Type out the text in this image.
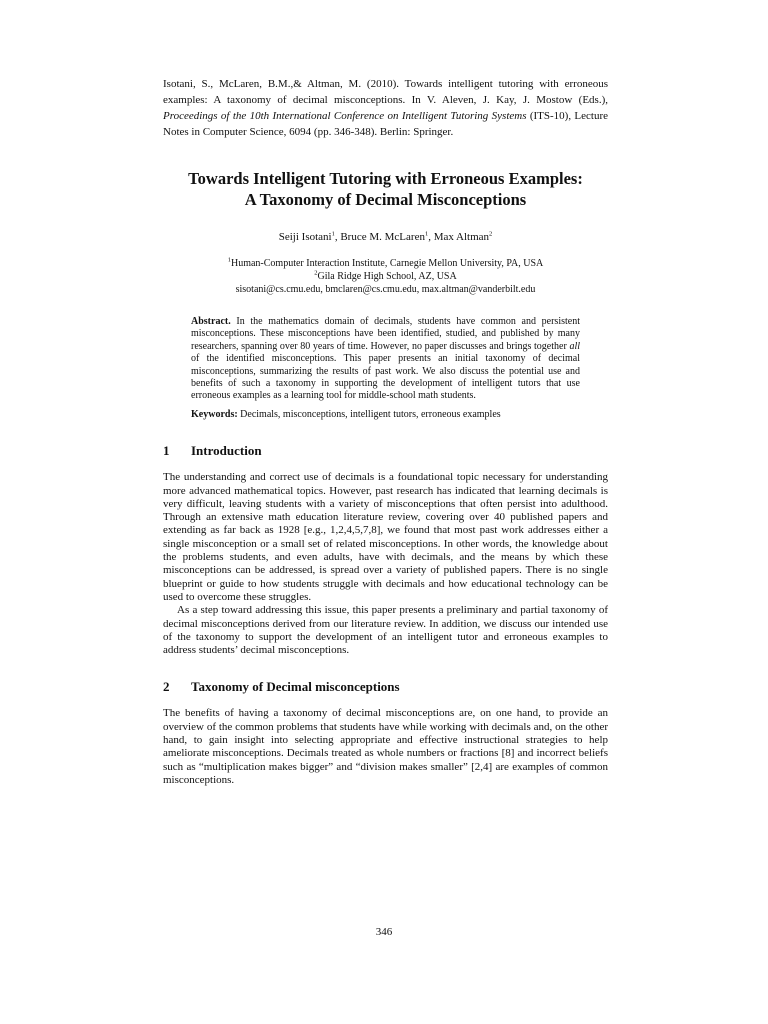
Isotani, S., McLaren, B.M.,& Altman, M. (2010). Towards intelligent tutoring with erroneous examples: A taxonomy of decimal misconceptions. In V. Aleven, J. Kay, J. Mostow (Eds.), Proceedings of the 10th International Conference on Intelligent Tutoring Systems (ITS-10), Lecture Notes in Computer Science, 6094 (pp. 346-348). Berlin: Springer.

Towards Intelligent Tutoring with Erroneous Examples:
A Taxonomy of Decimal Misconceptions
Seiji Isotani$^1$, Bruce M. McLaren$^1$, Max Altman$^2$
$^1$Human-Computer Interaction Institute, Carnegie Mellon University, PA, USA
$^2$Gila Ridge High School, AZ, USA
sisotani@cs.cmu.edu, bmclaren@cs.cmu.edu, max.altman@vanderbilt.edu

Abstract. In the mathematics domain of decimals, students have common and persistent misconceptions. These misconceptions have been identified, studied, and published by many researchers, spanning over 80 years of time. However, no paper discusses and brings together all of the identified misconceptions. This paper presents an initial taxonomy of decimal misconceptions, summarizing the results of past work. We also discuss the potential use and benefits of such a taxonomy in supporting the development of intelligent tutors that use erroneous examples as a learning tool for middle-school math students.

Keywords: Decimals, misconceptions, intelligent tutors, erroneous examples

1 Introduction

The understanding and correct use of decimals is a foundational topic necessary for understanding more advanced mathematical topics. However, past research has indicated that learning decimals is very difficult, leaving students with a variety of misconceptions that often persist into adulthood. Through an extensive math education literature review, covering over 40 published papers and extending as far back as 1928 [e.g., 1,2,4,5,7,8], we found that most past work addresses either a single misconception or a small set of related misconceptions. In other words, the knowledge about the problems students, and even adults, have with decimals, and the means by which these misconceptions can be addressed, is spread over a variety of published papers. There is no single blueprint or guide to how students struggle with decimals and how educational technology can be used to overcome these struggles.

As a step toward addressing this issue, this paper presents a preliminary and partial taxonomy of decimal misconceptions derived from our literature review. In addition, we discuss our intended use of the taxonomy to support the development of an intelligent tutor and erroneous examples to address students’ decimal misconceptions.

2 Taxonomy of Decimal misconceptions

The benefits of having a taxonomy of decimal misconceptions are, on one hand, to provide an overview of the common problems that students have while working with decimals and, on the other hand, to gain insight into selecting appropriate and effective instructional strategies to help ameliorate misconceptions. Decimals treated as whole numbers or fractions [8] and incorrect beliefs such as “multiplication makes bigger” and “division makes smaller” [2,4] are examples of common misconceptions.

346
